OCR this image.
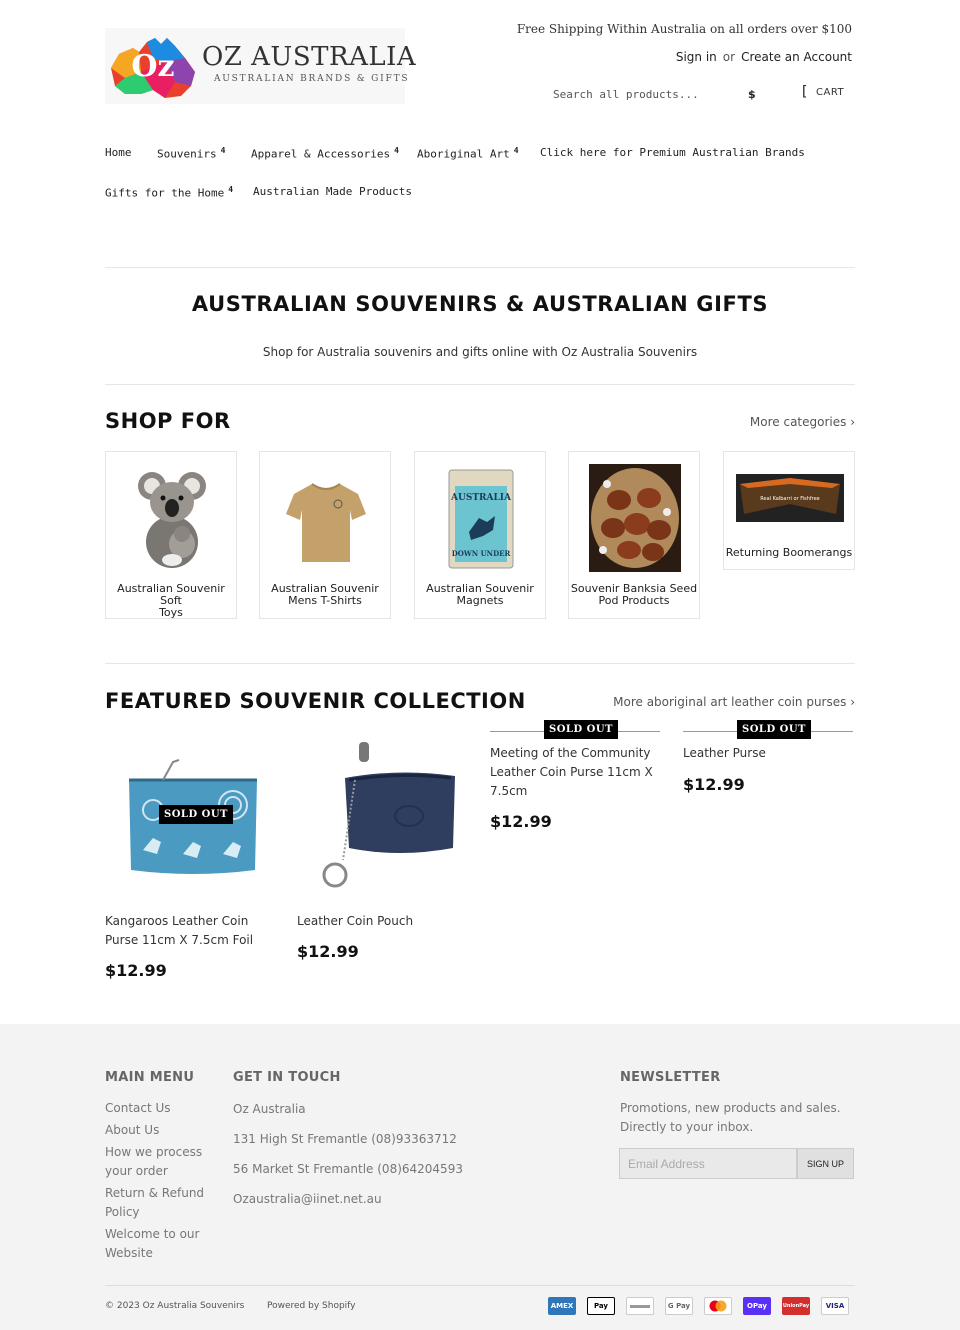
Oz OZ AUSTRALIA
AUSTRALIAN BRANDS & GIFTS
Free Shipping Within Australia on all orders over $100
Sign in or Create an Account
Search all products...
$	[ CART
Home Souvenirs $^4$ Apparel & Accessories $^4$ Aboriginal Art $^4$ Click here for Premium Australian Brands
Gifts for the Home $^4$ Australian Made Products
AUSTRALIAN SOUVENIRS & AUSTRALIAN GIFTS
Shop for Australia souvenirs and gifts online with Oz Australia Souvenirs
SHOP FOR	More categories ›
Australian Souvenir Soft
Toys
Australian Souvenir
Mens T-Shirts
AUSTRALIA
DOWN UNDER
Australian Souvenir
Magnets
Souvenir Banksia Seed
Pod Products
Real Kalbarri or Fishfree
Returning Boomerangs
FEATURED SOUVENIR COLLECTION	More aboriginal art leather coin purses ›
SOLD OUT
Kangaroos Leather Coin
Purse 11cm X 7.5cm Foil
$12.99
Leather Coin Pouch
$12.99
SOLD OUT
Meeting of the Community
Leather Coin Purse 11cm X
7.5cm
$12.99
SOLD OUT
Leather Purse
$12.99
MAIN MENU
Contact Us
About Us
How we process your order
Return & Refund Policy
Welcome to our Website
GET IN TOUCH
Oz Australia
131 High St Fremantle (08)93363712
56 Market St Fremantle (08)64204593
Ozaustralia@iinet.net.au
NEWSLETTER
Promotions, new products and sales. Directly to your inbox.
Email Address
SIGN UP
© 2023 Oz Australia Souvenirs	Powered by Shopify	AMEX	Pay	G Pay	OPay	UnionPay	VISA
